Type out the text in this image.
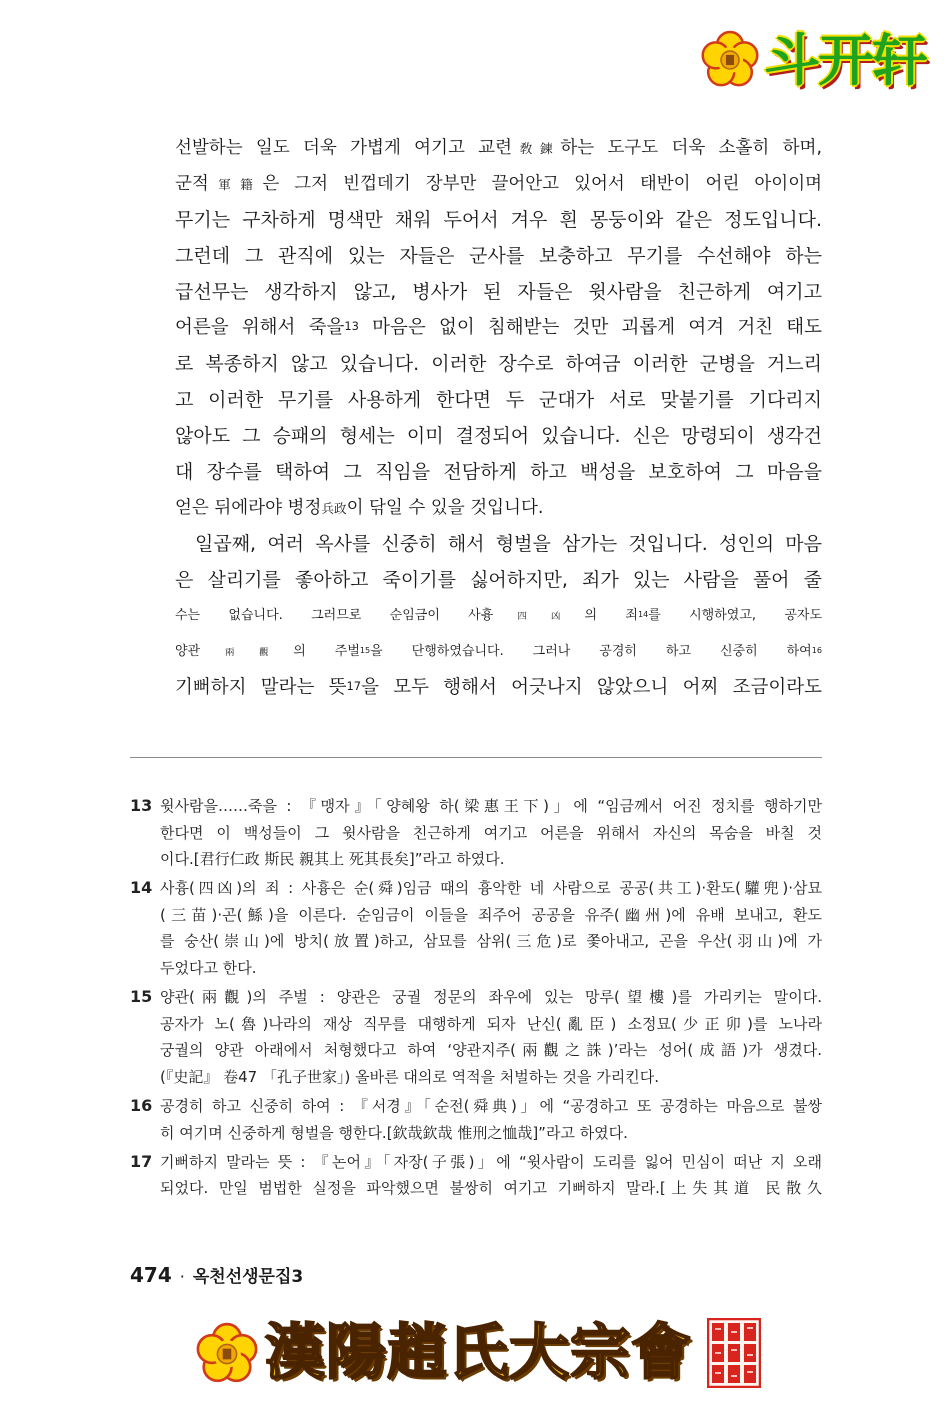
斗开轩
선발하는 일도 더욱 가볍게 여기고 교련敎鍊하는 도구도 더욱 소홀히 하며,
군적軍籍은 그저 빈껍데기 장부만 끌어안고 있어서 태반이 어린 아이이며
무기는 구차하게 명색만 채워 두어서 겨우 흰 몽둥이와 같은 정도입니다.
그런데 그 관직에 있는 자들은 군사를 보충하고 무기를 수선해야 하는
급선무는 생각하지 않고, 병사가 된 자들은 윗사람을 친근하게 여기고
어른을 위해서 죽을13 마음은 없이 침해받는 것만 괴롭게 여겨 거친 태도
로 복종하지 않고 있습니다. 이러한 장수로 하여금 이러한 군병을 거느리
고 이러한 무기를 사용하게 한다면 두 군대가 서로 맞붙기를 기다리지
않아도 그 승패의 형세는 이미 결정되어 있습니다. 신은 망령되이 생각건
대 장수를 택하여 그 직임을 전담하게 하고 백성을 보호하여 그 마음을
얻은 뒤에라야 병정兵政이 닦일 수 있을 것입니다.
일곱째, 여러 옥사를 신중히 해서 형벌을 삼가는 것입니다. 성인의 마음
은 살리기를 좋아하고 죽이기를 싫어하지만, 죄가 있는 사람을 풀어 줄
수는 없습니다. 그러므로 순임금이 사흉四凶의 죄14를 시행하였고, 공자도
양관兩觀의 주벌15을 단행하였습니다. 그러나 공경히 하고 신중히 하여16
기뻐하지 말라는 뜻17을 모두 행해서 어긋나지 않았으니 어찌 조금이라도
13 윗사람을……죽을 : 『맹자』「양혜왕 하(梁惠王下)」에 “임금께서 어진 정치를 행하기만
한다면 이 백성들이 그 윗사람을 친근하게 여기고 어른을 위해서 자신의 목숨을 바칠 것
이다.[君行仁政 斯民 親其上 死其長矣]”라고 하였다.
14 사흉(四凶)의 죄 : 사흉은 순(舜)임금 때의 흉악한 네 사람으로 공공(共工)·환도(驩兜)·삼묘
(三苗)·곤(鯀)을 이른다. 순임금이 이들을 죄주어 공공을 유주(幽州)에 유배 보내고, 환도
를 숭산(崇山)에 방치(放置)하고, 삼묘를 삼위(三危)로 쫓아내고, 곤을 우산(羽山)에 가
두었다고 한다.
15 양관(兩觀)의 주벌 : 양관은 궁궐 정문의 좌우에 있는 망루(望樓)를 가리키는 말이다.
공자가 노(魯)나라의 재상 직무를 대행하게 되자 난신(亂臣) 소정묘(少正卯)를 노나라
궁궐의 양관 아래에서 처형했다고 하여 ‘양관지주(兩觀之誅)’라는 성어(成語)가 생겼다.
(『史記』 卷47 「孔子世家」) 올바른 대의로 역적을 처벌하는 것을 가리킨다.
16 공경히 하고 신중히 하여 : 『서경』「순전(舜典)」에 “공경하고 또 공경하는 마음으로 불쌍
히 여기며 신중하게 형벌을 행한다.[欽哉欽哉 惟刑之恤哉]”라고 하였다.
17 기뻐하지 말라는 뜻 : 『논어』「자장(子張)」에 “윗사람이 도리를 잃어 민심이 떠난 지 오래
되었다. 만일 범법한 실정을 파악했으면 불쌍히 여기고 기뻐하지 말라.[上失其道 民散久
474 · 옥천선생문집3
漢陽趙氏大宗會
